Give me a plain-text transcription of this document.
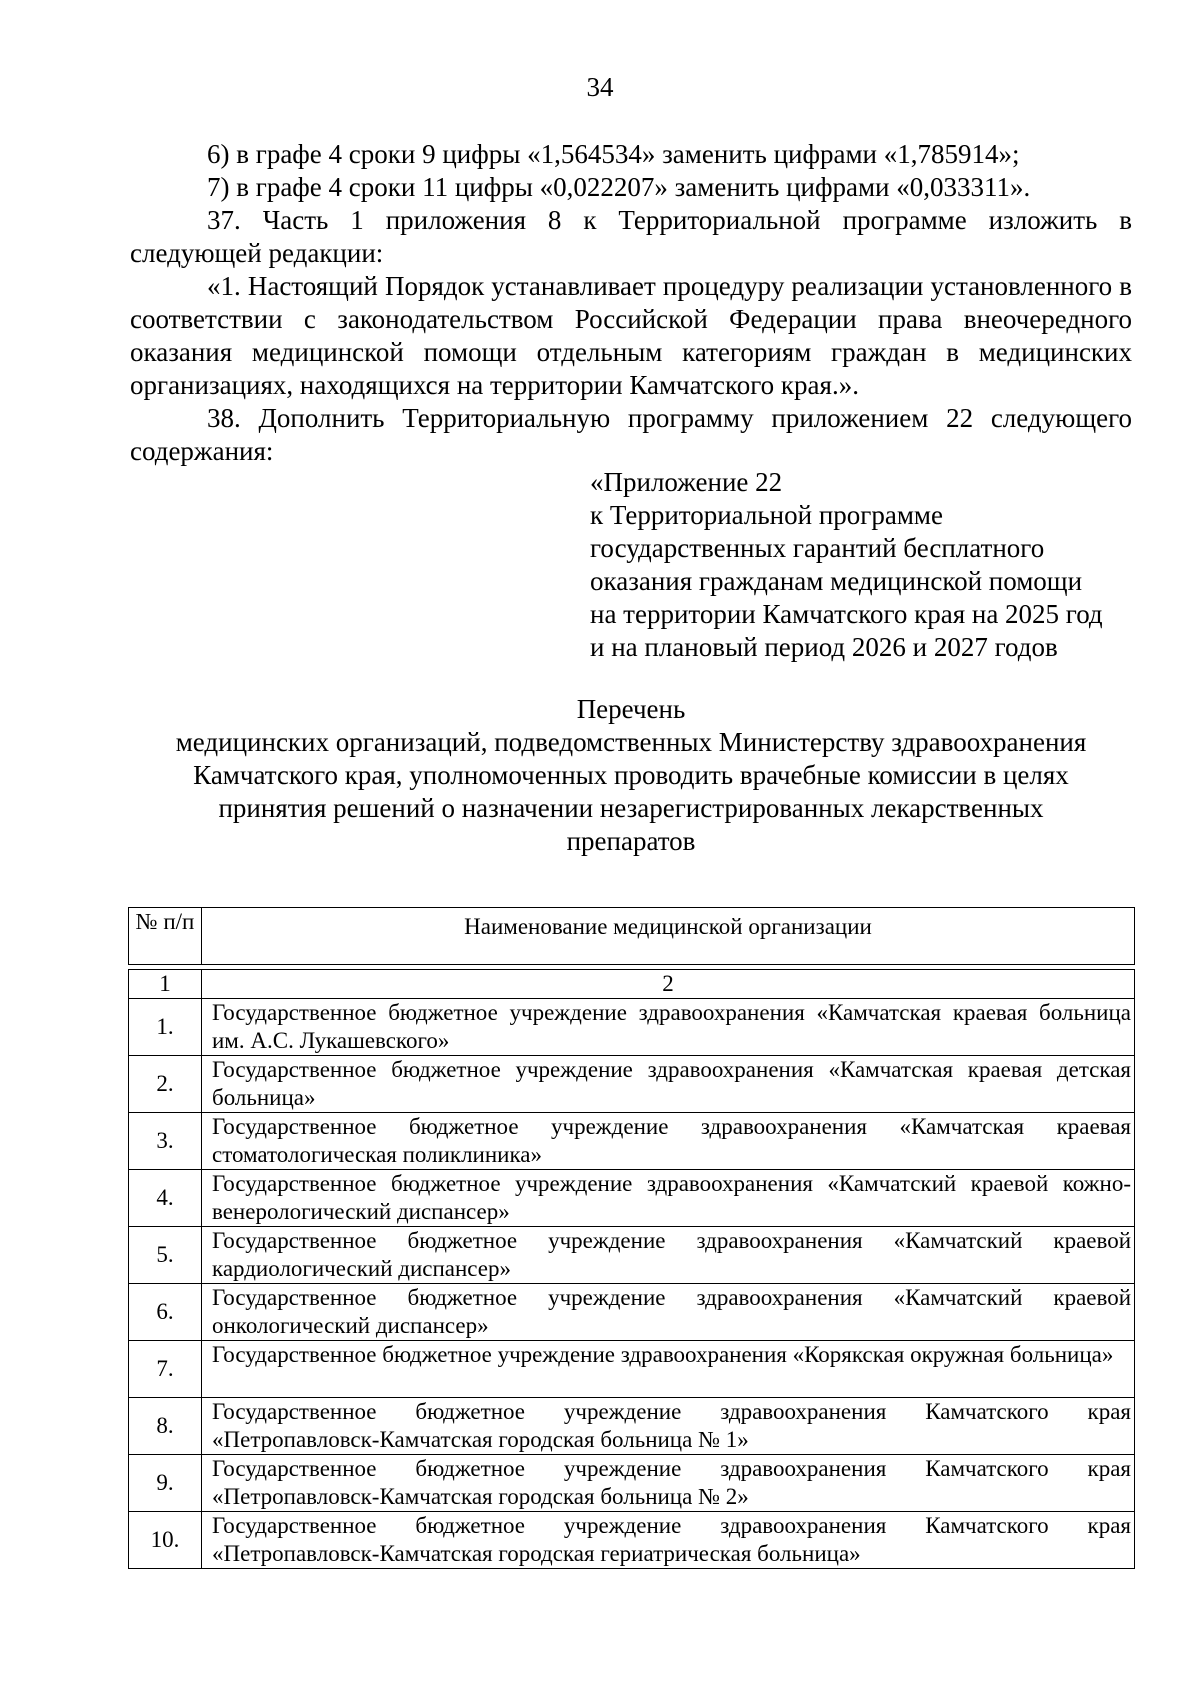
34

6) в графе 4 сроки 9 цифры «1,564534» заменить цифрами «1,785914»;

7) в графе 4 сроки 11 цифры «0,022207» заменить цифрами «0,033311».

37. Часть 1 приложения 8 к Территориальной программе изложить в следующей редакции:

«1. Настоящий Порядок устанавливает процедуру реализации установленного в соответствии с законодательством Российской Федерации права внеочередного оказания медицинской помощи отдельным категориям граждан в медицинских организациях, находящихся на территории Камчатского края.».

38. Дополнить Территориальную программу приложением 22 следующего содержания:

«Приложение 22
к Территориальной программе
государственных гарантий бесплатного
оказания гражданам медицинской помощи
на территории Камчатского края на 2025 год
и на плановый период 2026 и 2027 годов
Перечень
медицинских организаций, подведомственных Министерству здравоохранения Камчатского края, уполномоченных проводить врачебные комиссии в целях принятия решений о назначении незарегистрированных лекарственных препаратов
№ п/п	Наименование медицинской организации

1	2
1.	Государственное бюджетное учреждение здравоохранения «Камчатская краевая больница им. А.С. Лукашевского»
2.	Государственное бюджетное учреждение здравоохранения «Камчатская краевая детская больница»
3.	Государственное бюджетное учреждение здравоохранения «Камчатская краевая стоматологическая поликлиника»
4.	Государственное бюджетное учреждение здравоохранения «Камчатский краевой кожно-венерологический диспансер»
5.	Государственное бюджетное учреждение здравоохранения «Камчатский краевой кардиологический диспансер»
6.	Государственное бюджетное учреждение здравоохранения «Камчатский краевой онкологический диспансер»
7.	Государственное бюджетное учреждение здравоохранения «Корякская окружная больница»
8.	Государственное бюджетное учреждение здравоохранения Камчатского края «Петропавловск-Камчатская городская больница № 1»
9.	Государственное бюджетное учреждение здравоохранения Камчатского края «Петропавловск-Камчатская городская больница № 2»
10.	Государственное бюджетное учреждение здравоохранения Камчатского края «Петропавловск-Камчатская городская гериатрическая больница»
